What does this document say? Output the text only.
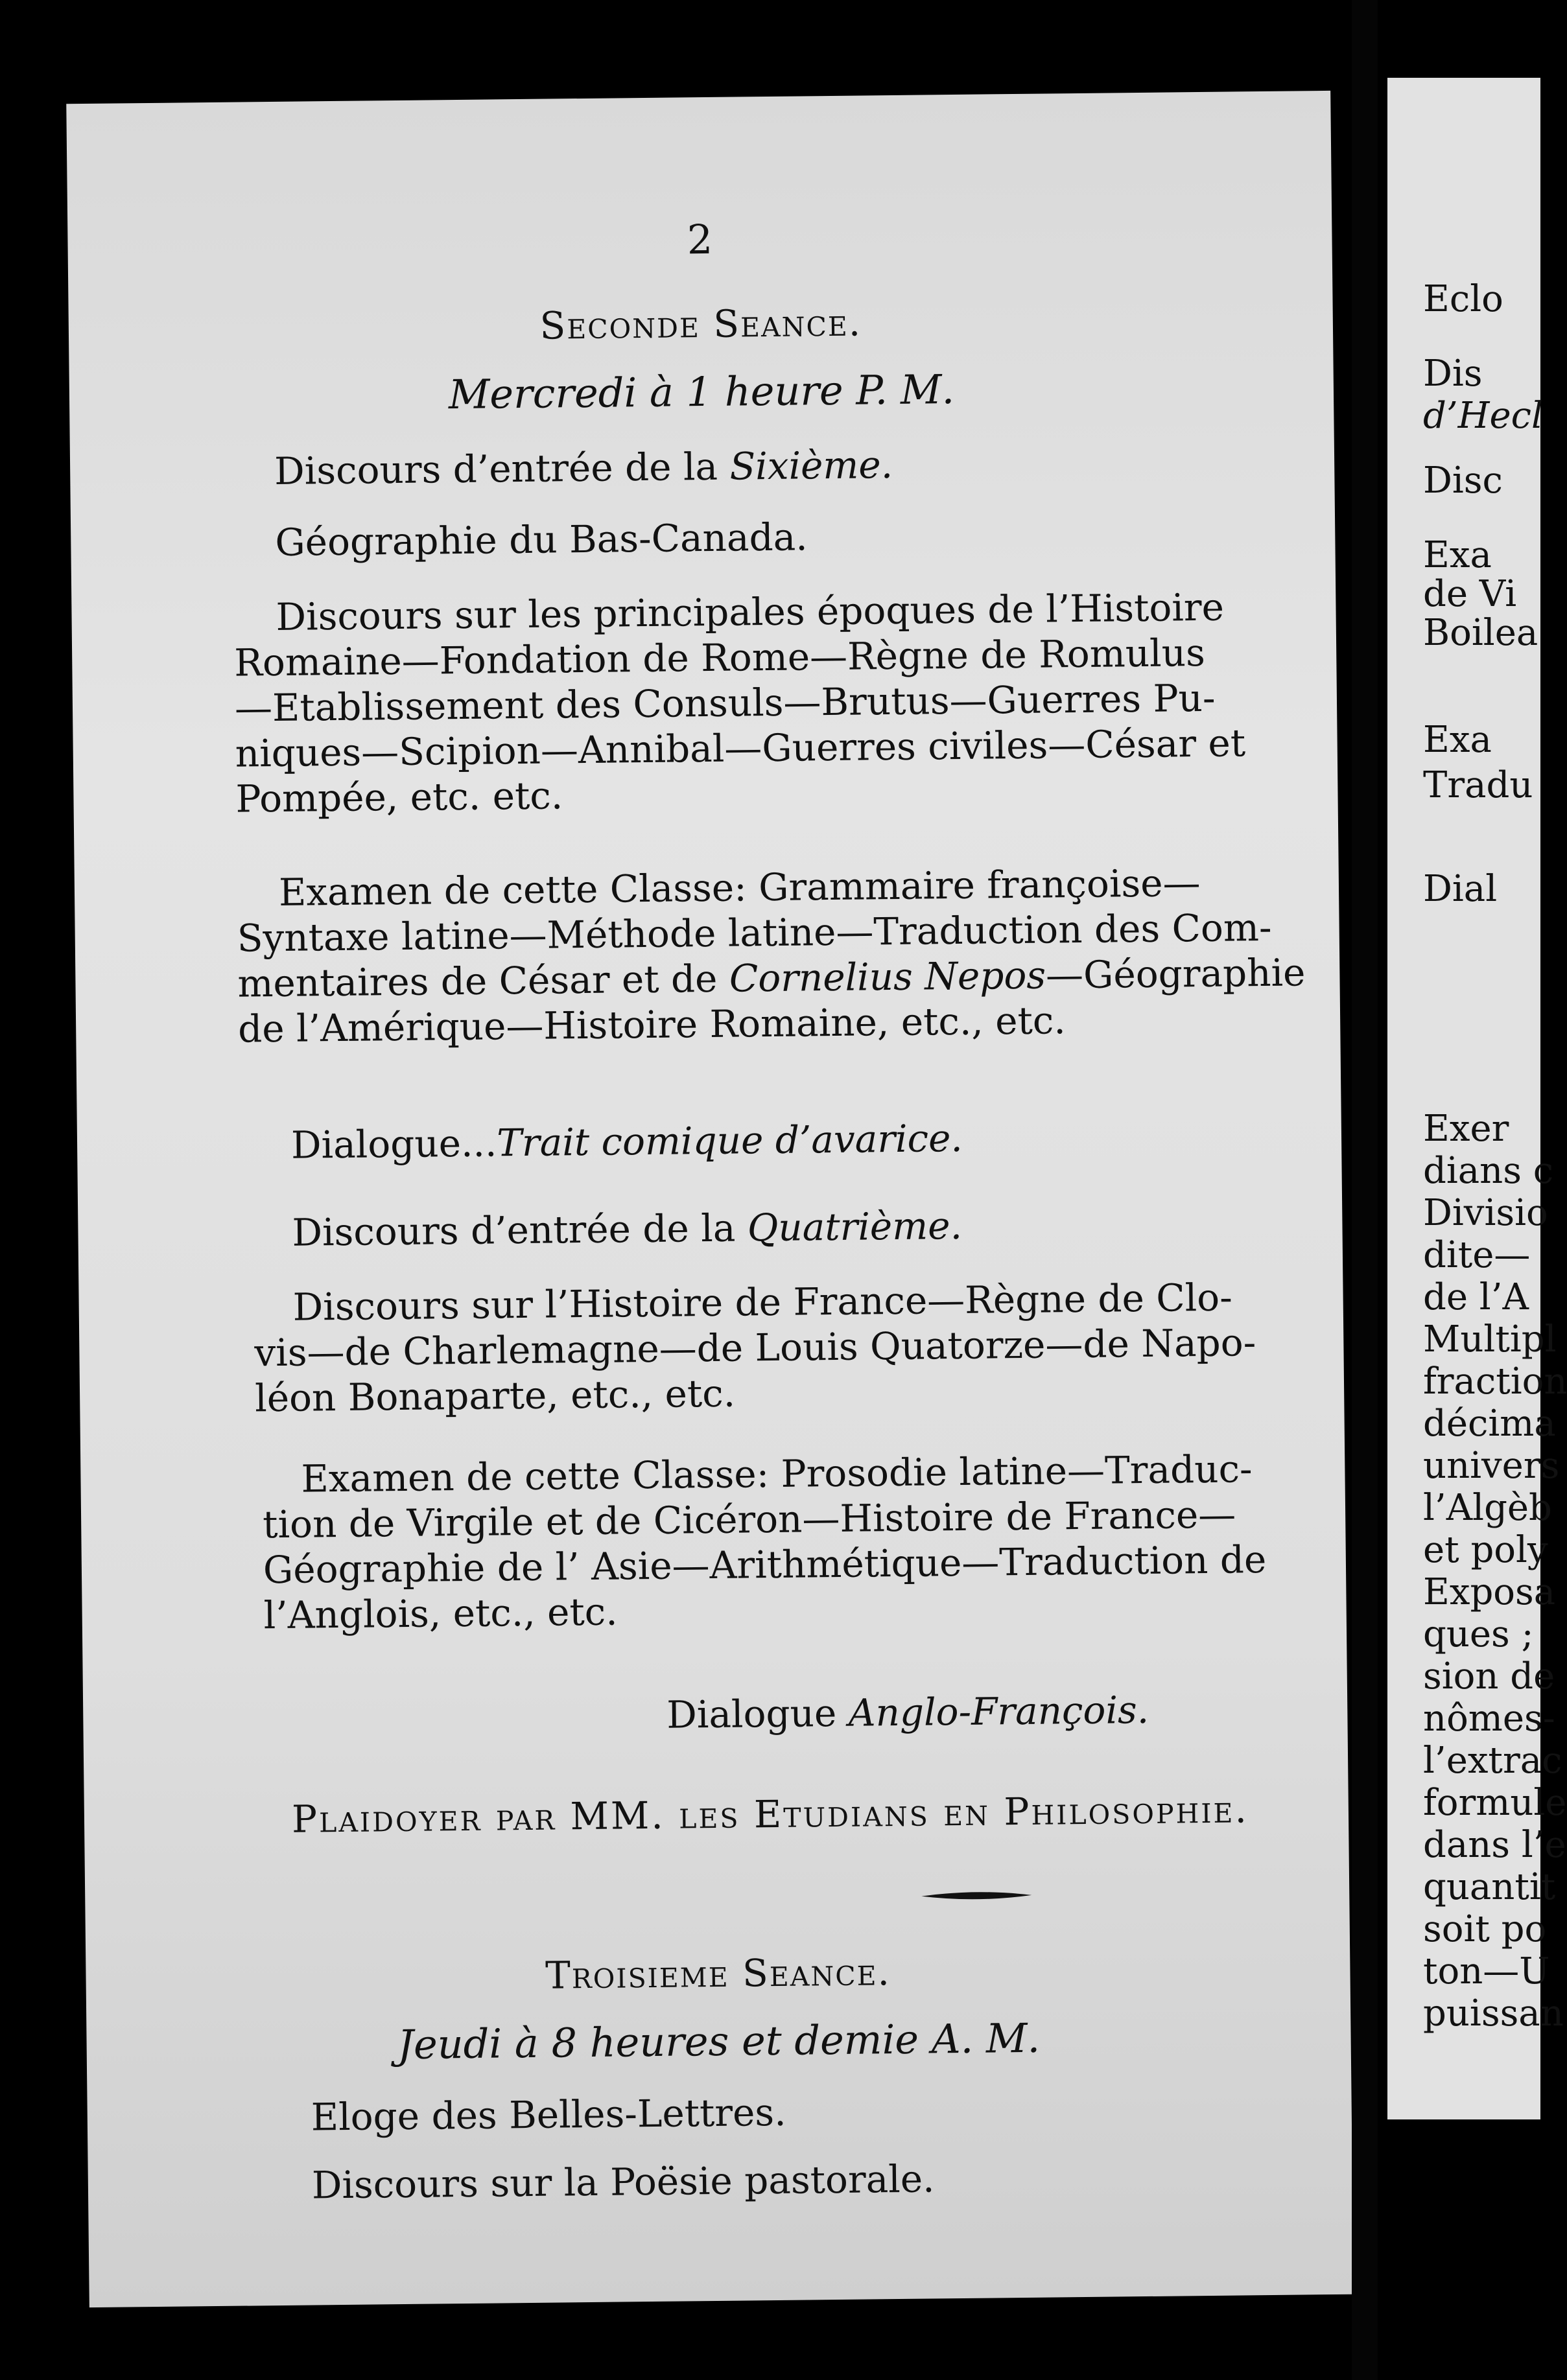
2
Seconde Seance.
Mercredi à 1 heure P. M.
Discours d’entrée de la Sixième.
Géographie du Bas-Canada.
Discours sur les principales époques de l’Histoire
Romaine—Fondation de Rome—Règne de Romulus
—Etablissement des Consuls—Brutus—Guerres Pu-
niques—Scipion—Annibal—Guerres civiles—César et
Pompée, etc. etc.
Examen de cette Classe: Grammaire françoise—
Syntaxe latine—Méthode latine—Traduction des Com-
mentaires de César et de Cornelius Nepos—Géographie
de l’Amérique—Histoire Romaine, etc., etc.
Dialogue...Trait comique d’avarice.
Discours d’entrée de la Quatrième.
Discours sur l’Histoire de France—Règne de Clo-
vis—de Charlemagne—de Louis Quatorze—de Napo-
léon Bonaparte, etc., etc.
Examen de cette Classe: Prosodie latine—Traduc-
tion de Virgile et de Cicéron—Histoire de France—
Géographie de l’ Asie—Arithmétique—Traduction de
l’Anglois, etc., etc.
Dialogue Anglo-François.
Plaidoyer par MM. les Etudians en Philosophie.
Troisieme Seance.
Jeudi à 8 heures et demie A. M.
Eloge des Belles-Lettres.
Discours sur la Poësie pastorale.
Eclo
Dis
d’Hecl
Disc
Exa
de Vi
Boilea
Exa
Tradu
Dial
Exer
dians c
Divisio
dite—
de l’A
Multipl
fraction
décima
univers
l’Algèb
et poly
Exposa
ques ;
sion de
nômes-
l’extrac
formule
dans l’e
quantit
soit po
ton—U
puissan
